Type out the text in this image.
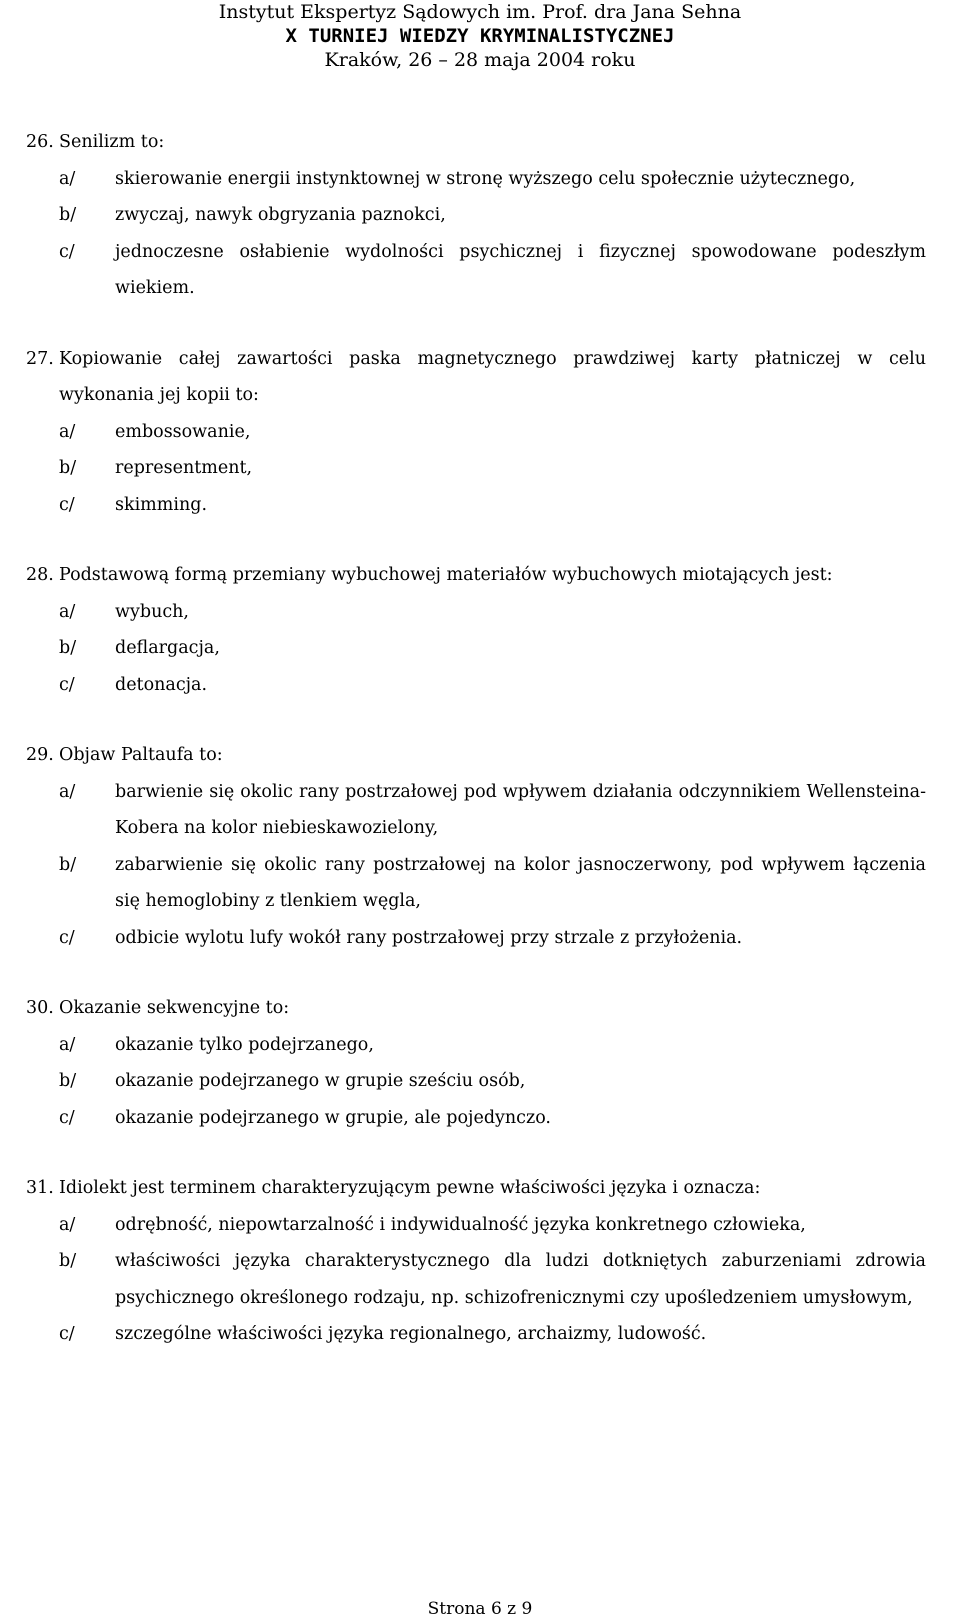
Instytut Ekspertyz Sądowych im. Prof. dra Jana Sehna
X TURNIEJ WIEDZY KRYMINALISTYCZNEJ
Kraków, 26 – 28 maja 2004 roku
26. Senilizm to:
a/	skierowanie energii instynktownej w stronę wyższego celu społecznie użytecznego,
b/	zwyczaj, nawyk obgryzania paznokci,
c/	jednoczesne osłabienie wydolności psychicznej i fizycznej spowodowane podeszłym wiekiem.
27. Kopiowanie całej zawartości paska magnetycznego prawdziwej karty płatniczej w celu wykonania jej kopii to:
a/	embossowanie,
b/	representment,
c/	skimming.
28. Podstawową formą przemiany wybuchowej materiałów wybuchowych miotających jest:
a/	wybuch,
b/	deflargacja,
c/	detonacja.
29. Objaw Paltaufa to:
a/	barwienie się okolic rany postrzałowej pod wpływem działania odczynnikiem Wellensteina-Kobera na kolor niebieskawozielony,
b/	zabarwienie się okolic rany postrzałowej na kolor jasnoczerwony, pod wpływem łączenia się hemoglobiny z tlenkiem węgla,
c/	odbicie wylotu lufy wokół rany postrzałowej przy strzale z przyłożenia.
30. Okazanie sekwencyjne to:
a/	okazanie tylko podejrzanego,
b/	okazanie podejrzanego w grupie sześciu osób,
c/	okazanie podejrzanego w grupie, ale pojedynczo.
31. Idiolekt jest terminem charakteryzującym pewne właściwości języka i oznacza:
a/	odrębność, niepowtarzalność i indywidualność języka konkretnego człowieka,
b/	właściwości języka charakterystycznego dla ludzi dotkniętych zaburzeniami zdrowia psychicznego określonego rodzaju, np. schizofrenicznymi czy upośledzeniem umysłowym,
c/	szczególne właściwości języka regionalnego, archaizmy, ludowość.
Strona 6 z 9
